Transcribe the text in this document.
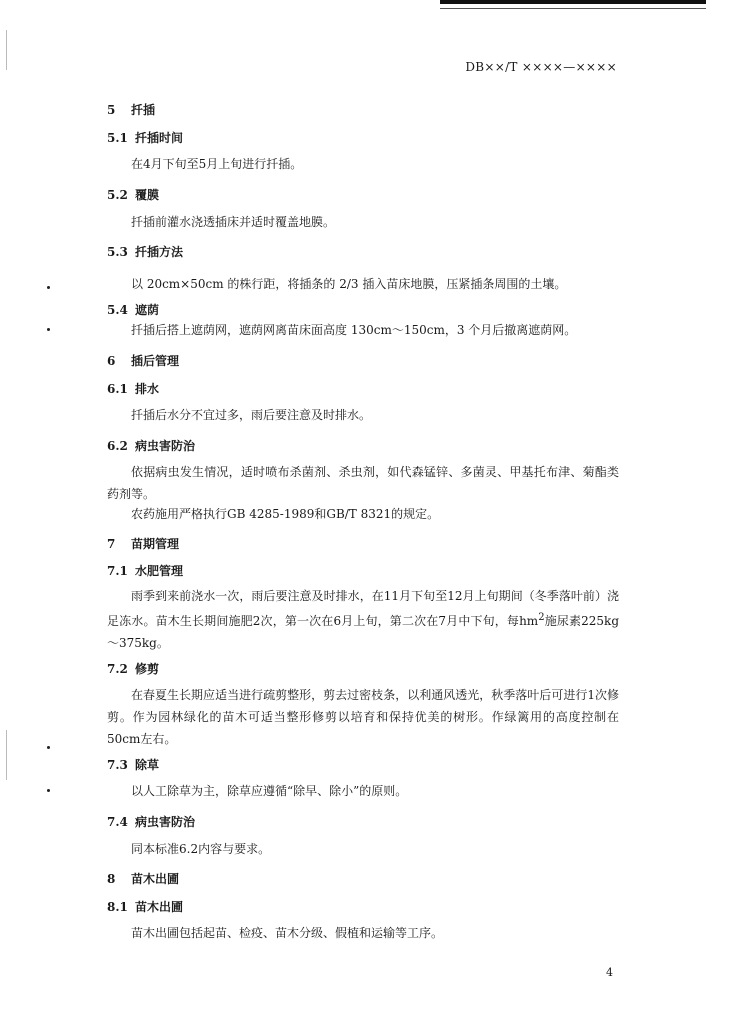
DB××/T ××××—××××
5 扦插
5.1 扦插时间
在4月下旬至5月上旬进行扦插。
5.2 覆膜
扦插前灌水浇透插床并适时覆盖地膜。
5.3 扦插方法
以 20cm×50cm 的株行距，将插条的 2/3 插入苗床地膜，压紧插条周围的土壤。
5.4 遮荫
扦插后搭上遮荫网，遮荫网离苗床面高度 130cm～150cm，3 个月后撤离遮荫网。
6 插后管理
6.1 排水
扦插后水分不宜过多，雨后要注意及时排水。
6.2 病虫害防治
依据病虫发生情况，适时喷布杀菌剂、杀虫剂，如代森锰锌、多菌灵、甲基托布津、菊酯类药剂等。
农药施用严格执行GB 4285-1989和GB/T 8321的规定。
7 苗期管理
7.1 水肥管理
雨季到来前浇水一次，雨后要注意及时排水，在11月下旬至12月上旬期间（冬季落叶前）浇足冻水。苗木生长期间施肥2次，第一次在6月上旬，第二次在7月中下旬，每$hm^2$施尿素225kg～375kg。
7.2 修剪
在春夏生长期应适当进行疏剪整形，剪去过密枝条，以利通风透光，秋季落叶后可进行1次修剪。作为园林绿化的苗木可适当整形修剪以培育和保持优美的树形。作绿篱用的高度控制在50cm左右。
7.3 除草
以人工除草为主，除草应遵循“除早、除小”的原则。
7.4 病虫害防治
同本标准6.2内容与要求。
8 苗木出圃
8.1 苗木出圃
苗木出圃包括起苗、检疫、苗木分级、假植和运输等工序。
4
